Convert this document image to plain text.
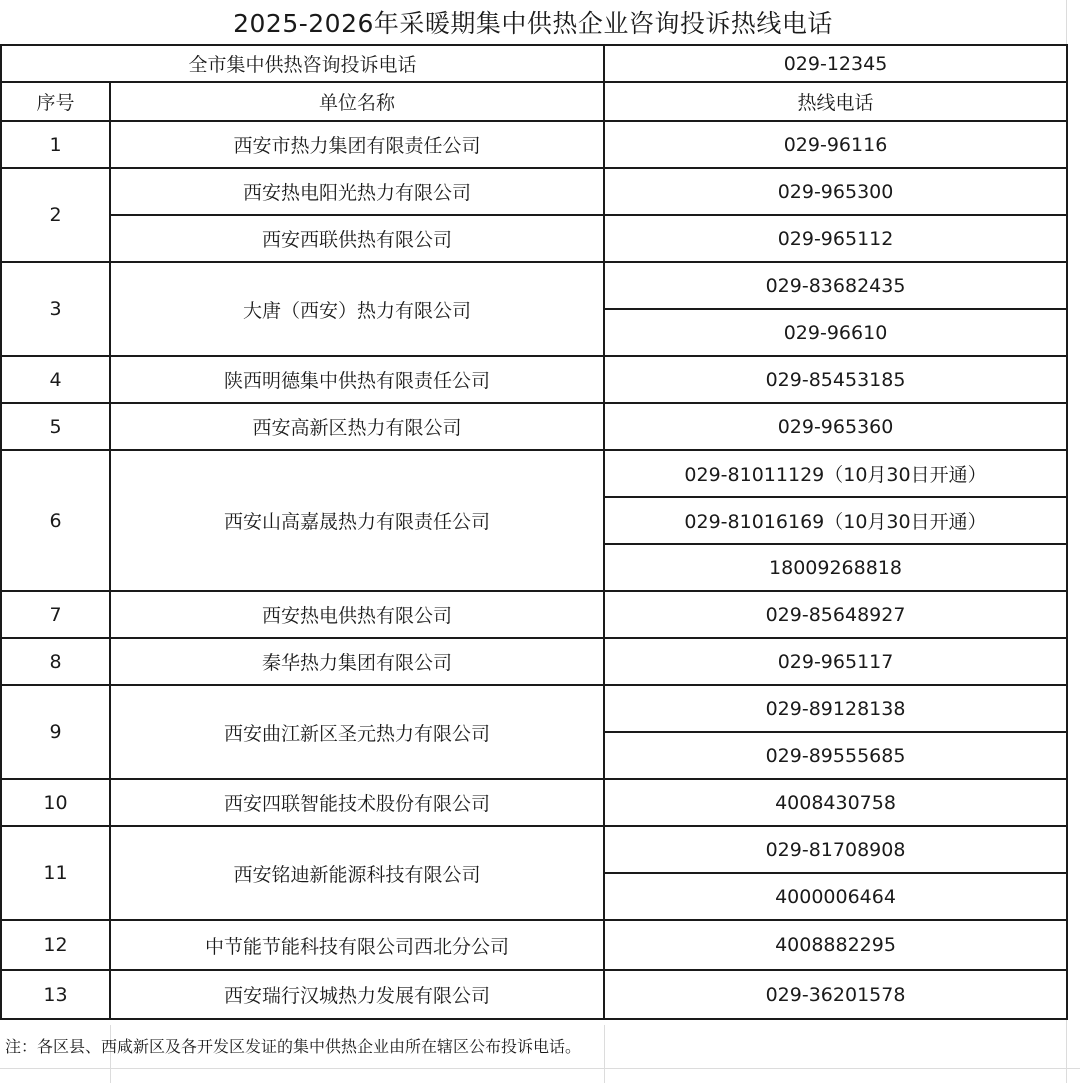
2025-2026年采暖期集中供热企业咨询投诉热线电话
全市集中供热咨询投诉电话		029-12345
序号	单位名称	热线电话
1	西安市热力集团有限责任公司	029-96116
2	西安热电阳光热力有限公司	029-965300
	西安西联供热有限公司	029-965112
3	大唐（西安）热力有限公司	029-83682435
		029-96610
4	陕西明德集中供热有限责任公司	029-85453185
5	西安高新区热力有限公司	029-965360
6	西安山高嘉晟热力有限责任公司	029-81011129（10月30日开通）
		029-81016169（10月30日开通）
		18009268818
7	西安热电供热有限公司	029-85648927
8	秦华热力集团有限公司	029-965117
9	西安曲江新区圣元热力有限公司	029-89128138
		029-89555685
10	西安四联智能技术股份有限公司	4008430758
11	西安铭迪新能源科技有限公司	029-81708908
		4000006464
12	中节能节能科技有限公司西北分公司	4008882295
13	西安瑞行汉城热力发展有限公司	029-36201578
注：各区县、西咸新区及各开发区发证的集中供热企业由所在辖区公布投诉电话。
